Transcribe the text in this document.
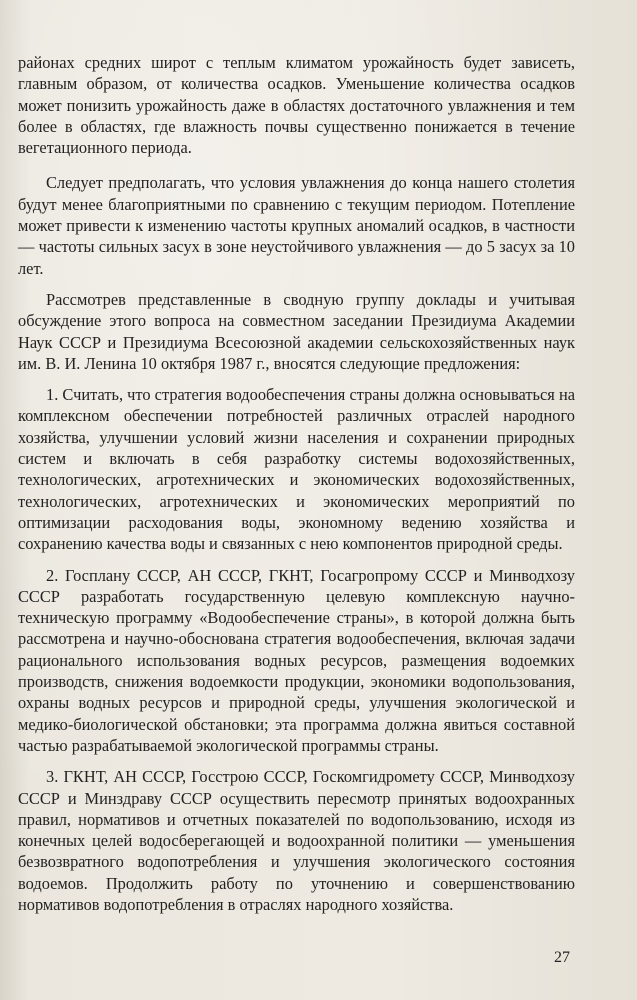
районах средних широт с теплым климатом урожайность будет зависеть, главным образом, от количества осадков. Уменьшение количества осадков может понизить урожайность даже в областях достаточного увлажнения и тем более в областях, где влажность почвы существенно понижается в течение вегетационного периода.

Следует предполагать, что условия увлажнения до конца нашего столетия будут менее благоприятными по сравнению с текущим периодом. Потепление может привести к изменению частоты крупных аномалий осадков, в частности — частоты сильных засух в зоне неустойчивого увлажнения — до 5 засух за 10 лет.

Рассмотрев представленные в сводную группу доклады и учитывая обсуждение этого вопроса на совместном заседании Президиума Академии Наук СССР и Президиума Всесоюзной академии сельскохозяйственных наук им. В. И. Ленина 10 октября 1987 г., вносятся следующие предложения:

1. Считать, что стратегия водообеспечения страны должна основываться на комплексном обеспечении потребностей различных отраслей народного хозяйства, улучшении условий жизни населения и сохранении природных систем и включать в себя разработку системы водохозяйственных, технологических, агротехнических и экономических водохозяйственных, технологических, агротехнических и экономических мероприятий по оптимизации расходования воды, экономному ведению хозяйства и сохранению качества воды и связанных с нею компонентов природной среды.

2. Госплану СССР, АН СССР, ГКНТ, Госагропрому СССР и Минводхозу СССР разработать государственную целевую комплексную научно-техническую программу «Водообеспечение страны», в которой должна быть рассмотрена и научно-обоснована стратегия водообеспечения, включая задачи рационального использования водных ресурсов, размещения водоемких производств, снижения водоемкости продукции, экономики водопользования, охраны водных ресурсов и природной среды, улучшения экологической и медико-биологической обстановки; эта программа должна явиться составной частью разрабатываемой экологической программы страны.

3. ГКНТ, АН СССР, Госстрою СССР, Госкомгидромету СССР, Минводхозу СССР и Минздраву СССР осуществить пересмотр принятых водоохранных правил, нормативов и отчетных показателей по водопользованию, исходя из конечных целей водосберегающей и водоохранной политики — уменьшения безвозвратного водопотребления и улучшения экологического состояния водоемов. Продолжить работу по уточнению и совершенствованию нормативов водопотребления в отраслях народного хозяйства.

27
